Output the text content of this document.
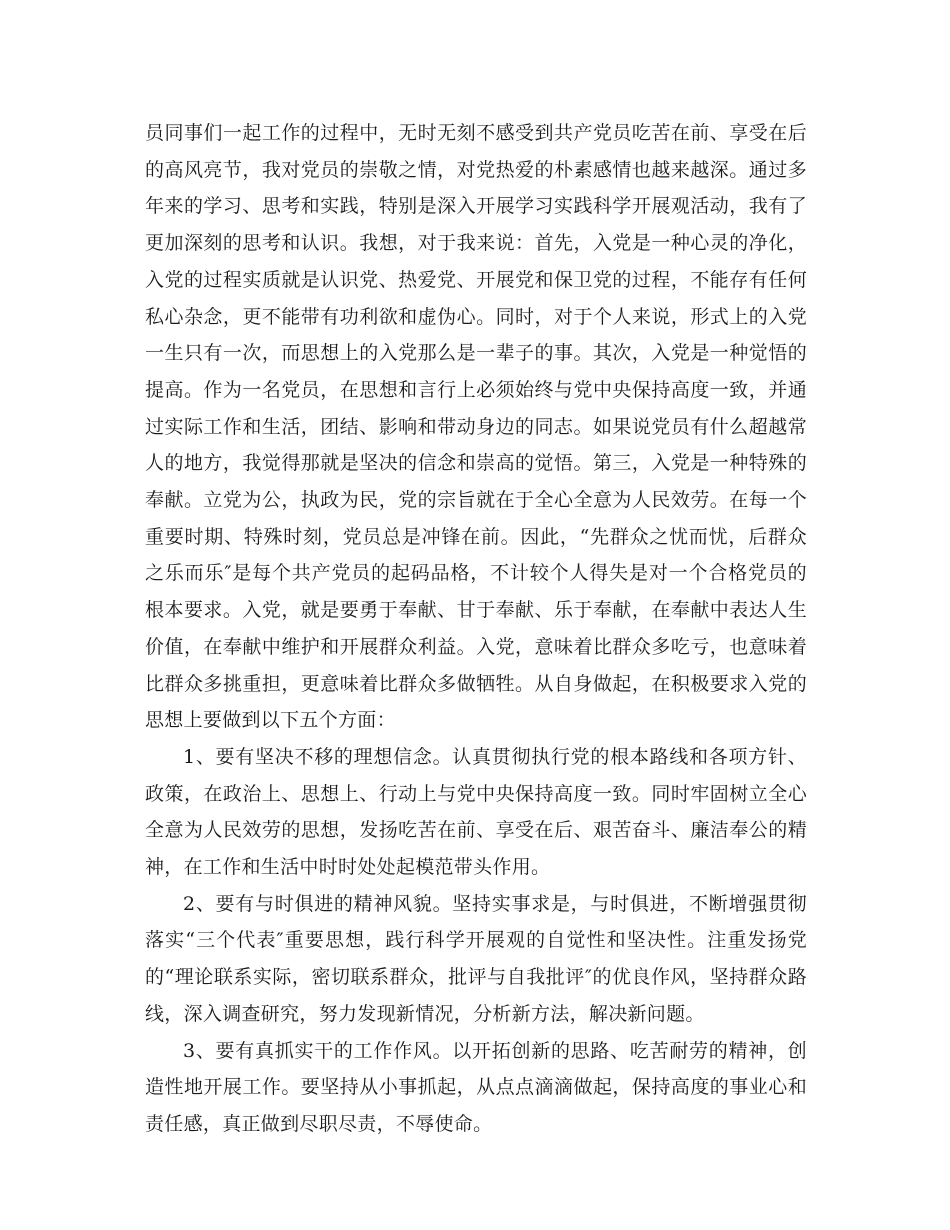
员同事们一起工作的过程中，无时无刻不感受到共产党员吃苦在前、享受在后的高风亮节，我对党员的崇敬之情，对党热爱的朴素感情也越来越深。通过多年来的学习、思考和实践，特别是深入开展学习实践科学开展观活动，我有了更加深刻的思考和认识。我想，对于我来说：首先，入党是一种心灵的净化，入党的过程实质就是认识党、热爱党、开展党和保卫党的过程，不能存有任何私心杂念，更不能带有功利欲和虚伪心。同时，对于个人来说，形式上的入党一生只有一次，而思想上的入党那么是一辈子的事。其次，入党是一种觉悟的提高。作为一名党员，在思想和言行上必须始终与党中央保持高度一致，并通过实际工作和生活，团结、影响和带动身边的同志。如果说党员有什么超越常人的地方，我觉得那就是坚决的信念和崇高的觉悟。第三，入党是一种特殊的奉献。立党为公，执政为民，党的宗旨就在于全心全意为人民效劳。在每一个重要时期、特殊时刻，党员总是冲锋在前。因此，“先群众之忧而忧，后群众之乐而乐″是每个共产党员的起码品格，不计较个人得失是对一个合格党员的根本要求。入党，就是要勇于奉献、甘于奉献、乐于奉献，在奉献中表达人生价值，在奉献中维护和开展群众利益。入党，意味着比群众多吃亏，也意味着比群众多挑重担，更意味着比群众多做牺牲。从自身做起，在积极要求入党的思想上要做到以下五个方面：

1、要有坚决不移的理想信念。认真贯彻执行党的根本路线和各项方针、政策，在政治上、思想上、行动上与党中央保持高度一致。同时牢固树立全心全意为人民效劳的思想，发扬吃苦在前、享受在后、艰苦奋斗、廉洁奉公的精神，在工作和生活中时时处处起模范带头作用。

2、要有与时俱进的精神风貌。坚持实事求是，与时俱进，不断增强贯彻落实“三个代表″重要思想，践行科学开展观的自觉性和坚决性。注重发扬党的“理论联系实际，密切联系群众，批评与自我批评″的优良作风，坚持群众路线，深入调查研究，努力发现新情况，分析新方法，解决新问题。

3、要有真抓实干的工作作风。以开拓创新的思路、吃苦耐劳的精神，创造性地开展工作。要坚持从小事抓起，从点点滴滴做起，保持高度的事业心和责任感，真正做到尽职尽责，不辱使命。
